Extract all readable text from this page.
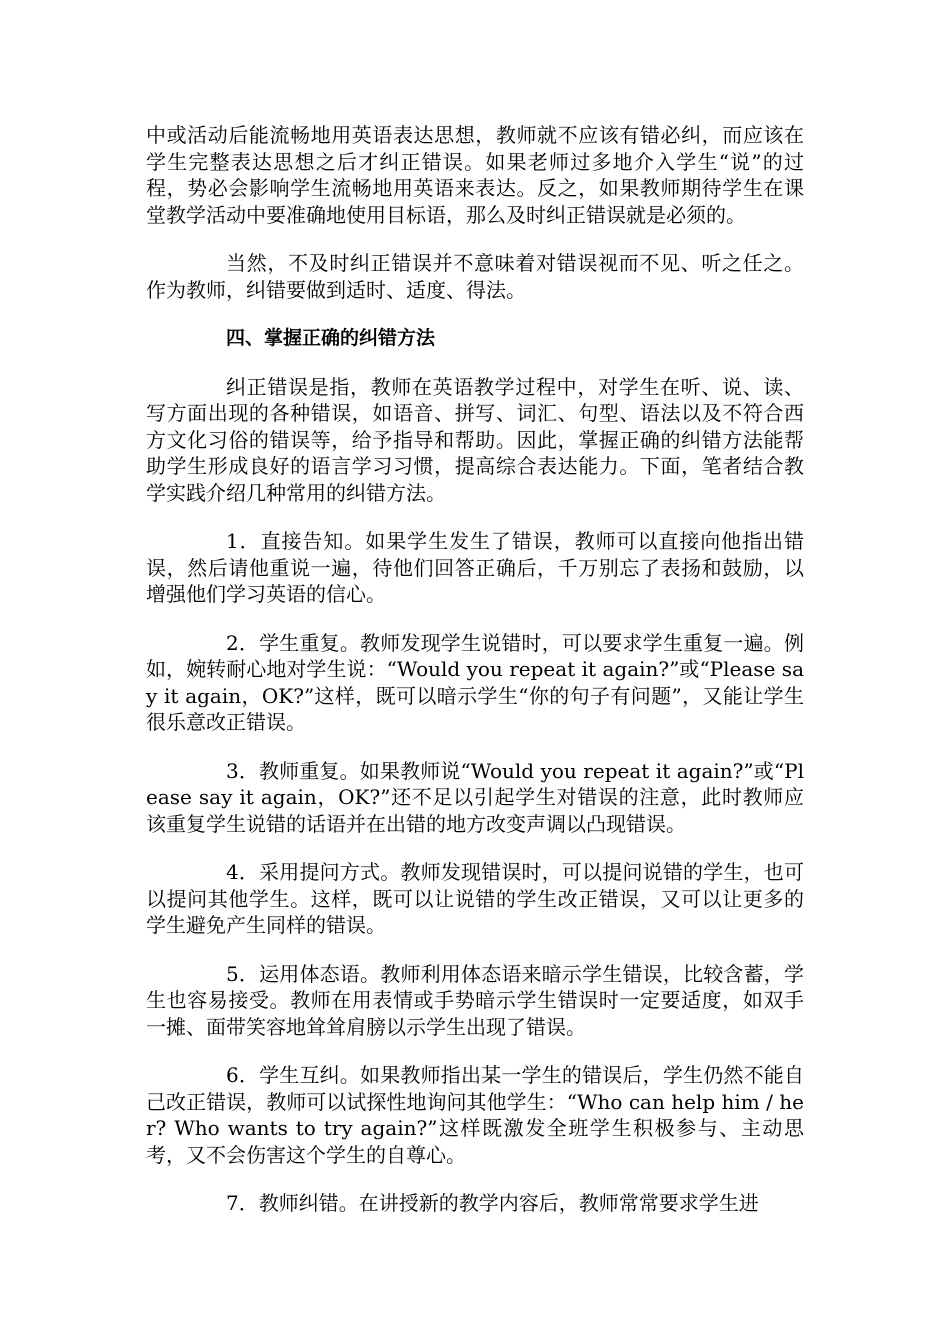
中或活动后能流畅地用英语表达思想，教师就不应该有错必纠，而应该在学生完整表达思想之后才纠正错误。如果老师过多地介入学生“说”的过程，势必会影响学生流畅地用英语来表达。反之，如果教师期待学生在课堂教学活动中要准确地使用目标语，那么及时纠正错误就是必须的。

当然，不及时纠正错误并不意味着对错误视而不见、听之任之。作为教师，纠错要做到适时、适度、得法。

四、掌握正确的纠错方法

纠正错误是指，教师在英语教学过程中，对学生在听、说、读、写方面出现的各种错误，如语音、拼写、词汇、句型、语法以及不符合西方文化习俗的错误等，给予指导和帮助。因此，掌握正确的纠错方法能帮助学生形成良好的语言学习习惯，提高综合表达能力。下面，笔者结合教学实践介绍几种常用的纠错方法。

1．直接告知。如果学生发生了错误，教师可以直接向他指出错误，然后请他重说一遍，待他们回答正确后，千万别忘了表扬和鼓励，以增强他们学习英语的信心。

2．学生重复。教师发现学生说错时，可以要求学生重复一遍。例如，婉转耐心地对学生说：“Would you repeat it again?”或“Please say it again，OK?”这样，既可以暗示学生“你的句子有问题”，又能让学生很乐意改正错误。

3．教师重复。如果教师说“Would you repeat it again?”或“Please say it again，OK?”还不足以引起学生对错误的注意，此时教师应该重复学生说错的话语并在出错的地方改变声调以凸现错误。

4．采用提问方式。教师发现错误时，可以提问说错的学生，也可以提问其他学生。这样，既可以让说错的学生改正错误，又可以让更多的学生避免产生同样的错误。

5．运用体态语。教师利用体态语来暗示学生错误，比较含蓄，学生也容易接受。教师在用表情或手势暗示学生错误时一定要适度，如双手一摊、面带笑容地耸耸肩膀以示学生出现了错误。

6．学生互纠。如果教师指出某一学生的错误后，学生仍然不能自己改正错误，教师可以试探性地询问其他学生：“Who can help him / her? Who wants to try again?”这样既激发全班学生积极参与、主动思考，又不会伤害这个学生的自尊心。

7．教师纠错。在讲授新的教学内容后，教师常常要求学生进
